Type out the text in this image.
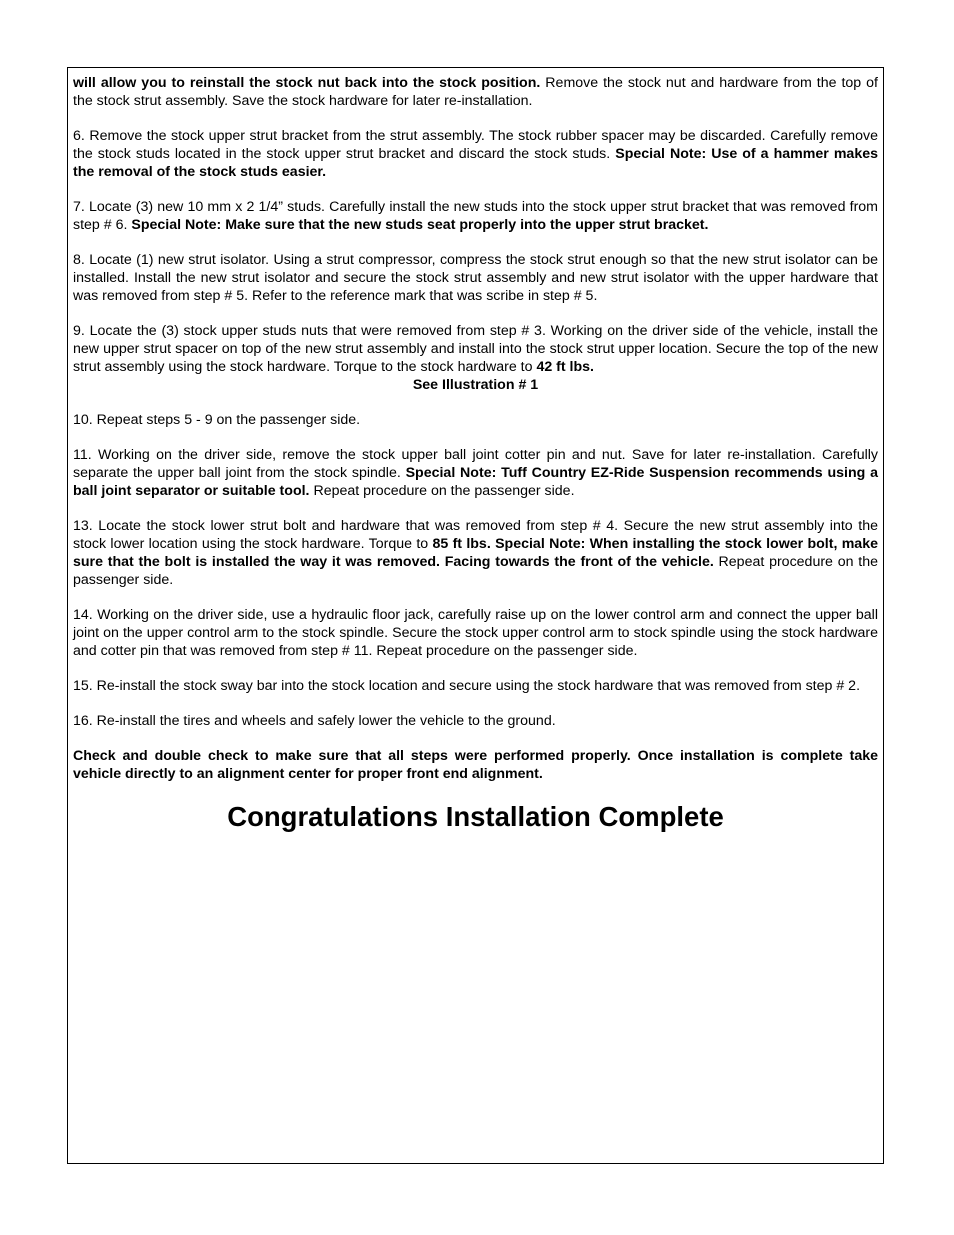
will allow you to reinstall the stock nut back into the stock position. Remove the stock nut and hardware from the top of the stock strut assembly. Save the stock hardware for later re-installation.

6. Remove the stock upper strut bracket from the strut assembly. The stock rubber spacer may be discarded. Carefully remove the stock studs located in the stock upper strut bracket and discard the stock studs. Special Note: Use of a hammer makes the removal of the stock studs easier.

7. Locate (3) new 10 mm x 2 1/4” studs. Carefully install the new studs into the stock upper strut bracket that was removed from step # 6. Special Note: Make sure that the new studs seat properly into the upper strut bracket.

8. Locate (1) new strut isolator. Using a strut compressor, compress the stock strut enough so that the new strut isolator can be installed. Install the new strut isolator and secure the stock strut assembly and new strut isolator with the upper hardware that was removed from step # 5. Refer to the reference mark that was scribe in step # 5.

9. Locate the (3) stock upper studs nuts that were removed from step # 3. Working on the driver side of the vehicle, install the new upper strut spacer on top of the new strut assembly and install into the stock strut upper location. Secure the top of the new strut assembly using the stock hardware. Torque to the stock hardware to 42 ft lbs.
See Illustration # 1

10. Repeat steps 5 - 9 on the passenger side.

11. Working on the driver side, remove the stock upper ball joint cotter pin and nut. Save for later re-installation. Carefully separate the upper ball joint from the stock spindle. Special Note: Tuff Country EZ-Ride Suspension recommends using a ball joint separator or suitable tool. Repeat procedure on the passenger side.

13. Locate the stock lower strut bolt and hardware that was removed from step # 4. Secure the new strut assembly into the stock lower location using the stock hardware. Torque to 85 ft lbs. Special Note: When installing the stock lower bolt, make sure that the bolt is installed the way it was removed. Facing towards the front of the vehicle. Repeat procedure on the passenger side.

14. Working on the driver side, use a hydraulic floor jack, carefully raise up on the lower control arm and connect the upper ball joint on the upper control arm to the stock spindle. Secure the stock upper control arm to stock spindle using the stock hardware and cotter pin that was removed from step # 11. Repeat procedure on the passenger side.

15. Re-install the stock sway bar into the stock location and secure using the stock hardware that was removed from step # 2.

16. Re-install the tires and wheels and safely lower the vehicle to the ground.

Check and double check to make sure that all steps were performed properly. Once installation is complete take vehicle directly to an alignment center for proper front end alignment.

Congratulations Installation Complete
